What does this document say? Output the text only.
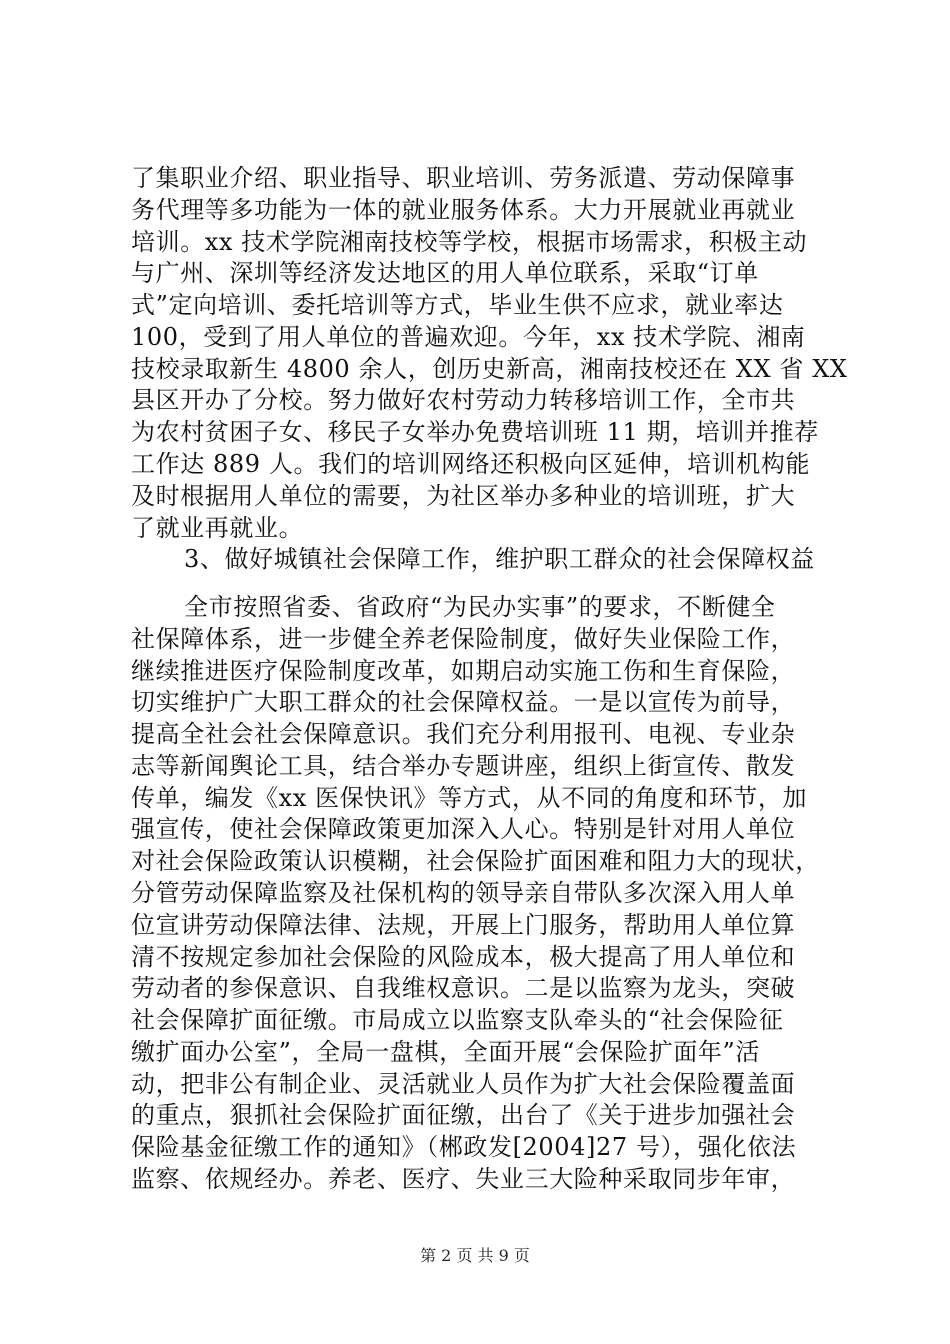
了集职业介绍、职业指导、职业培训、劳务派遣、劳动保障事
务代理等多功能为一体的就业服务体系。大力开展就业再就业
培训。xx 技术学院湘南技校等学校，根据市场需求，积极主动
与广州、深圳等经济发达地区的用人单位联系，采取“订单
式”定向培训、委托培训等方式，毕业生供不应求，就业率达
100，受到了用人单位的普遍欢迎。今年，xx 技术学院、湘南
技校录取新生 4800 余人，创历史新高，湘南技校还在 XX 省 XX
县区开办了分校。努力做好农村劳动力转移培训工作，全市共
为农村贫困子女、移民子女举办免费培训班 11 期，培训并推荐
工作达 889 人。我们的培训网络还积极向区延伸，培训机构能
及时根据用人单位的需要，为社区举办多种业的培训班，扩大
了就业再就业。
3、做好城镇社会保障工作，维护职工群众的社会保障权益
全市按照省委、省政府“为民办实事”的要求，不断健全
社保障体系，进一步健全养老保险制度，做好失业保险工作，
继续推进医疗保险制度改革，如期启动实施工伤和生育保险，
切实维护广大职工群众的社会保障权益。一是以宣传为前导，
提高全社会社会保障意识。我们充分利用报刊、电视、专业杂
志等新闻舆论工具，结合举办专题讲座，组织上街宣传、散发
传单，编发《xx 医保快讯》等方式，从不同的角度和环节，加
强宣传，使社会保障政策更加深入人心。特别是针对用人单位
对社会保险政策认识模糊，社会保险扩面困难和阻力大的现状，
分管劳动保障监察及社保机构的领导亲自带队多次深入用人单
位宣讲劳动保障法律、法规，开展上门服务，帮助用人单位算
清不按规定参加社会保险的风险成本，极大提高了用人单位和
劳动者的参保意识、自我维权意识。二是以监察为龙头，突破
社会保障扩面征缴。市局成立以监察支队牵头的“社会保险征
缴扩面办公室”，全局一盘棋，全面开展“会保险扩面年”活
动，把非公有制企业、灵活就业人员作为扩大社会保险覆盖面
的重点，狠抓社会保险扩面征缴，出台了《关于进步加强社会
保险基金征缴工作的通知》（郴政发[2004]27 号），强化依法
监察、依规经办。养老、医疗、失业三大险种采取同步年审，
第 2 页 共 9 页
